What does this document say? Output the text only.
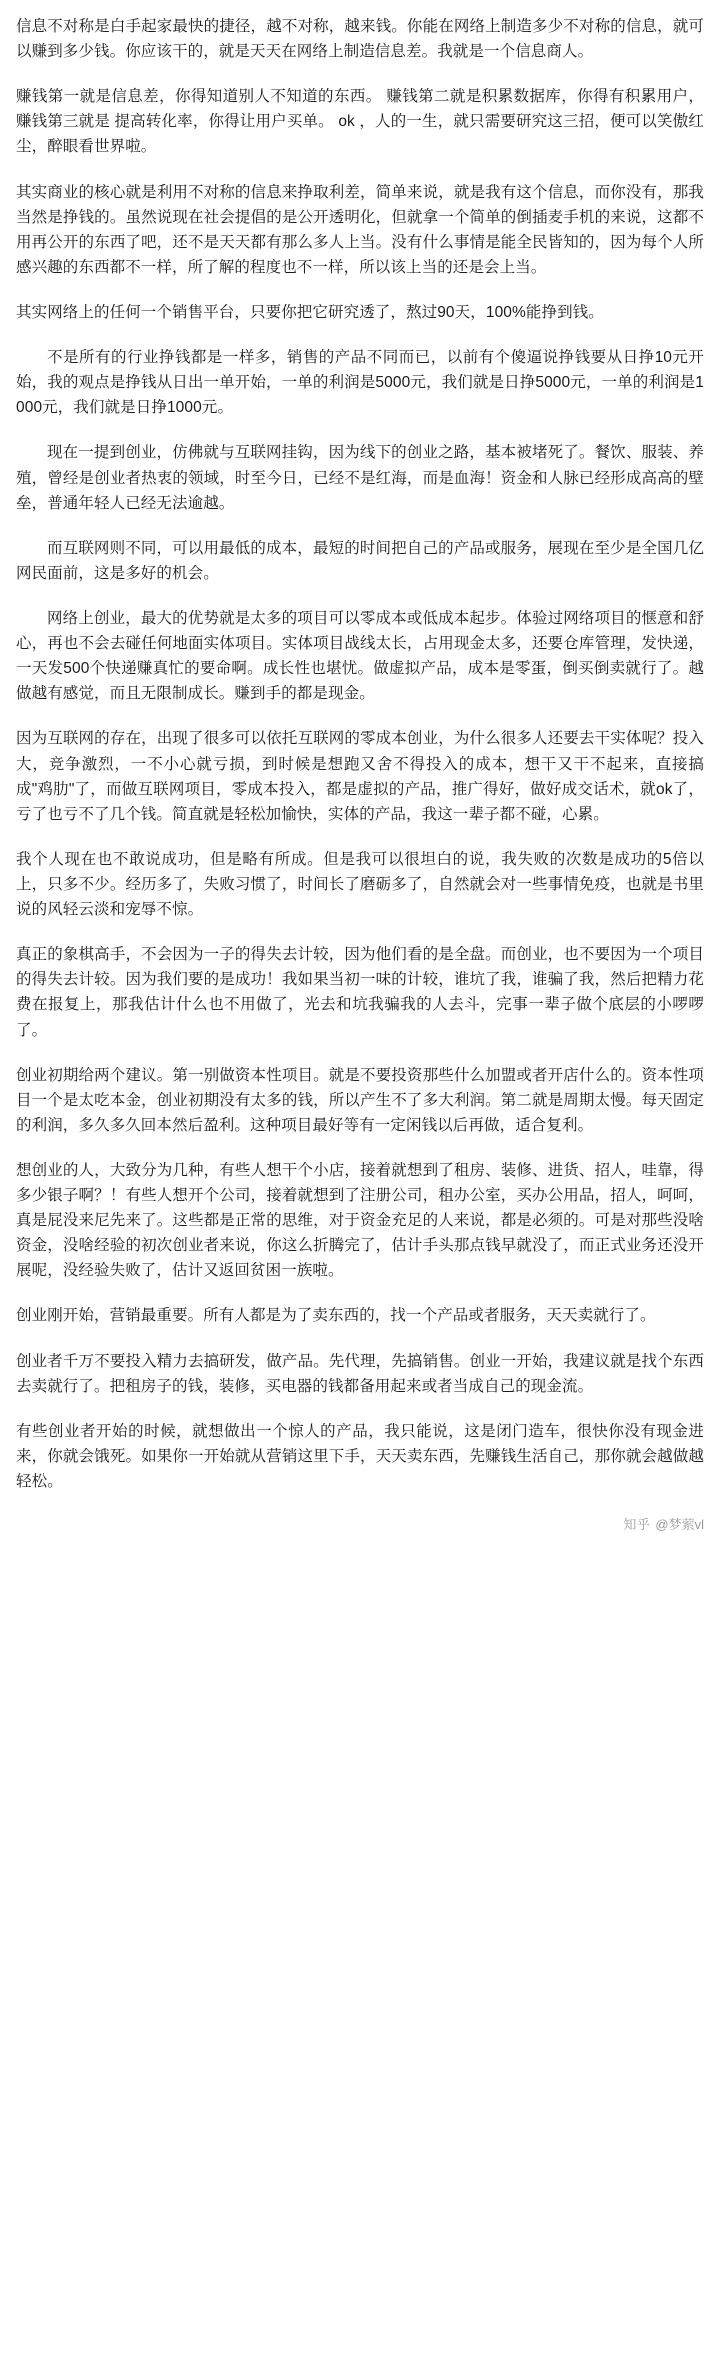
信息不对称是白手起家最快的捷径，越不对称，越来钱。你能在网络上制造多少不对称的信息，就可以赚到多少钱。你应该干的，就是天天在网络上制造信息差。我就是一个信息商人。

赚钱第一就是信息差，你得知道别人不知道的东西。 赚钱第二就是积累数据库，你得有积累用户， 赚钱第三就是 提高转化率，你得让用户买单。 ok ，人的一生，就只需要研究这三招，便可以笑傲红尘，醉眼看世界啦。

其实商业的核心就是利用不对称的信息来挣取利差，简单来说，就是我有这个信息，而你没有，那我当然是挣钱的。虽然说现在社会提倡的是公开透明化，但就拿一个简单的倒插麦手机的来说，这都不用再公开的东西了吧，还不是天天都有那么多人上当。没有什么事情是能全民皆知的，因为每个人所感兴趣的东西都不一样，所了解的程度也不一样，所以该上当的还是会上当。

其实网络上的任何一个销售平台，只要你把它研究透了，熬过90天，100%能挣到钱。

不是所有的行业挣钱都是一样多，销售的产品不同而已，以前有个傻逼说挣钱要从日挣10元开始，我的观点是挣钱从日出一单开始，一单的利润是5000元，我们就是日挣5000元，一单的利润是1000元，我们就是日挣1000元。

现在一提到创业，仿佛就与互联网挂钩，因为线下的创业之路，基本被堵死了。餐饮、服装、养殖，曾经是创业者热衷的领域，时至今日，已经不是红海，而是血海！资金和人脉已经形成高高的壁垒，普通年轻人已经无法逾越。

而互联网则不同，可以用最低的成本，最短的时间把自己的产品或服务，展现在至少是全国几亿网民面前，这是多好的机会。

网络上创业，最大的优势就是太多的项目可以零成本或低成本起步。体验过网络项目的惬意和舒心，再也不会去碰任何地面实体项目。实体项目战线太长，占用现金太多，还要仓库管理，发快递，一天发500个快递赚真忙的要命啊。成长性也堪忧。做虚拟产品，成本是零蛋，倒买倒卖就行了。越做越有感觉，而且无限制成长。赚到手的都是现金。

因为互联网的存在，出现了很多可以依托互联网的零成本创业，为什么很多人还要去干实体呢？投入大，竞争激烈，一不小心就亏损，到时候是想跑又舍不得投入的成本，想干又干不起来，直接搞成"鸡肋"了，而做互联网项目，零成本投入，都是虚拟的产品，推广得好，做好成交话术，就ok了，亏了也亏不了几个钱。简直就是轻松加愉快，实体的产品，我这一辈子都不碰，心累。

我个人现在也不敢说成功，但是略有所成。但是我可以很坦白的说，我失败的次数是成功的5倍以上，只多不少。经历多了，失败习惯了，时间长了磨砺多了，自然就会对一些事情免疫，也就是书里说的风轻云淡和宠辱不惊。

真正的象棋高手，不会因为一子的得失去计较，因为他们看的是全盘。而创业，也不要因为一个项目的得失去计较。因为我们要的是成功！我如果当初一味的计较，谁坑了我，谁骗了我，然后把精力花费在报复上，那我估计什么也不用做了，光去和坑我骗我的人去斗，完事一辈子做个底层的小啰啰了。

创业初期给两个建议。第一别做资本性项目。就是不要投资那些什么加盟或者开店什么的。资本性项目一个是太吃本金，创业初期没有太多的钱，所以产生不了多大利润。第二就是周期太慢。每天固定的利润，多久多久回本然后盈利。这种项目最好等有一定闲钱以后再做，适合复利。

想创业的人，大致分为几种，有些人想干个小店，接着就想到了租房、装修、进货、招人，哇靠，得多少银子啊？！有些人想开个公司，接着就想到了注册公司，租办公室，买办公用品，招人，呵呵，真是屁没来尼先来了。这些都是正常的思维，对于资金充足的人来说，都是必须的。可是对那些没啥资金，没啥经验的初次创业者来说，你这么折腾完了，估计手头那点钱早就没了，而正式业务还没开展呢，没经验失败了，估计又返回贫困一族啦。

创业刚开始，营销最重要。所有人都是为了卖东西的，找一个产品或者服务，天天卖就行了。

创业者千万不要投入精力去搞研发，做产品。先代理，先搞销售。创业一开始，我建议就是找个东西去卖就行了。把租房子的钱，装修，买电器的钱都备用起来或者当成自己的现金流。

有些创业者开始的时候，就想做出一个惊人的产品，我只能说，这是闭门造车，很快你没有现金进来，你就会饿死。如果你一开始就从营销这里下手，天天卖东西，先赚钱生活自己，那你就会越做越轻松。

知乎 @梦萦vl
